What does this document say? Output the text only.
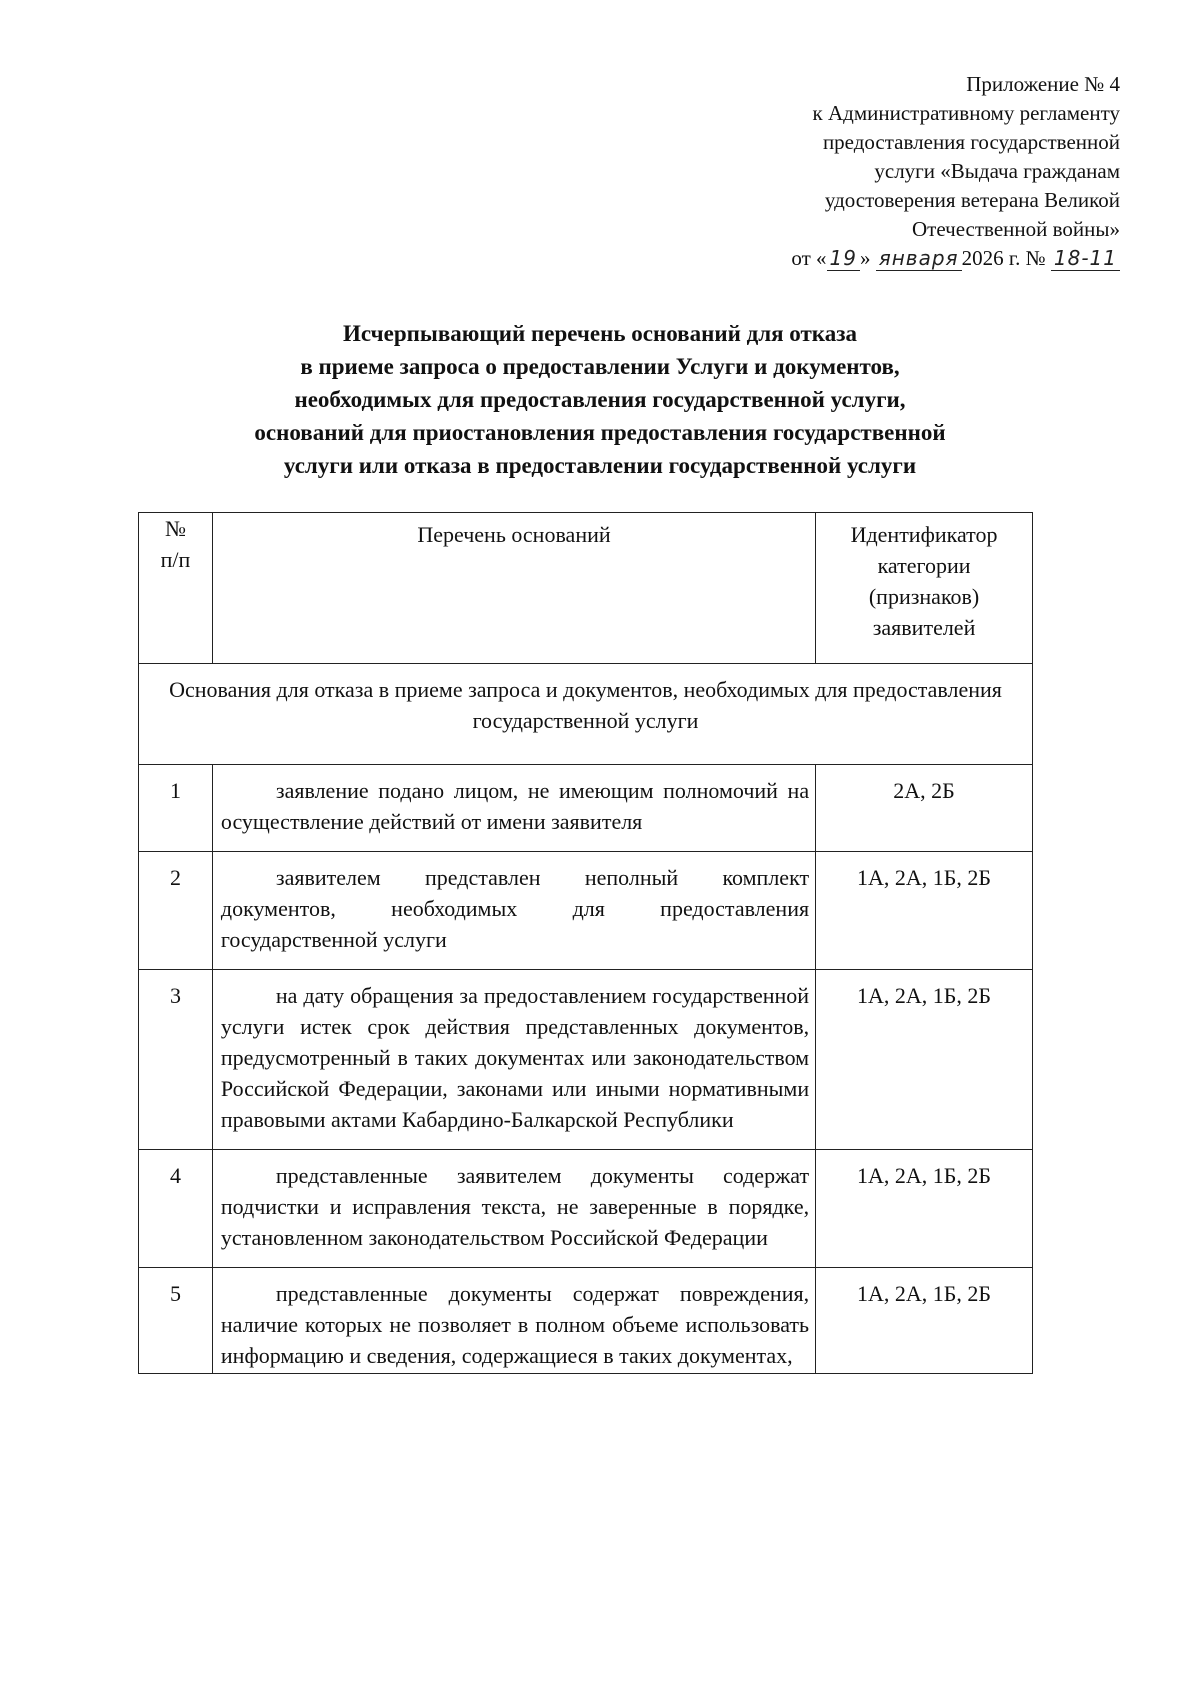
Приложение № 4
к Административному регламенту
предоставления государственной
услуги «Выдача гражданам
удостоверения ветерана Великой
Отечественной войны»
от « 19 » января 2026 г. № 18-11
Исчерпывающий перечень оснований для отказа
в приеме запроса о предоставлении Услуги и документов,
необходимых для предоставления государственной услуги,
оснований для приостановления предоставления государственной
услуги или отказа в предоставлении государственной услуги
№
п/п	Перечень оснований	Идентификатор категории (признаков) заявителей
Основания для отказа в приеме запроса и документов, необходимых для предоставления государственной услуги		
1	заявление подано лицом, не имеющим полномочий на осуществление действий от имени заявителя	2А, 2Б
2	заявителем представлен неполный комплект документов, необходимых для предоставления государственной услуги	1А, 2А, 1Б, 2Б
3	на дату обращения за предоставлением государственной услуги истек срок действия представленных документов, предусмотренный в таких документах или законодательством Российской Федерации, законами или иными нормативными правовыми актами Кабардино-Балкарской Республики	1А, 2А, 1Б, 2Б
4	представленные заявителем документы содержат подчистки и исправления текста, не заверенные в порядке, установленном законодательством Российской Федерации	1А, 2А, 1Б, 2Б
5	представленные документы содержат повреждения, наличие которых не позволяет в полном объеме использовать информацию и сведения, содержащиеся в таких документах,	1А, 2А, 1Б, 2Б
